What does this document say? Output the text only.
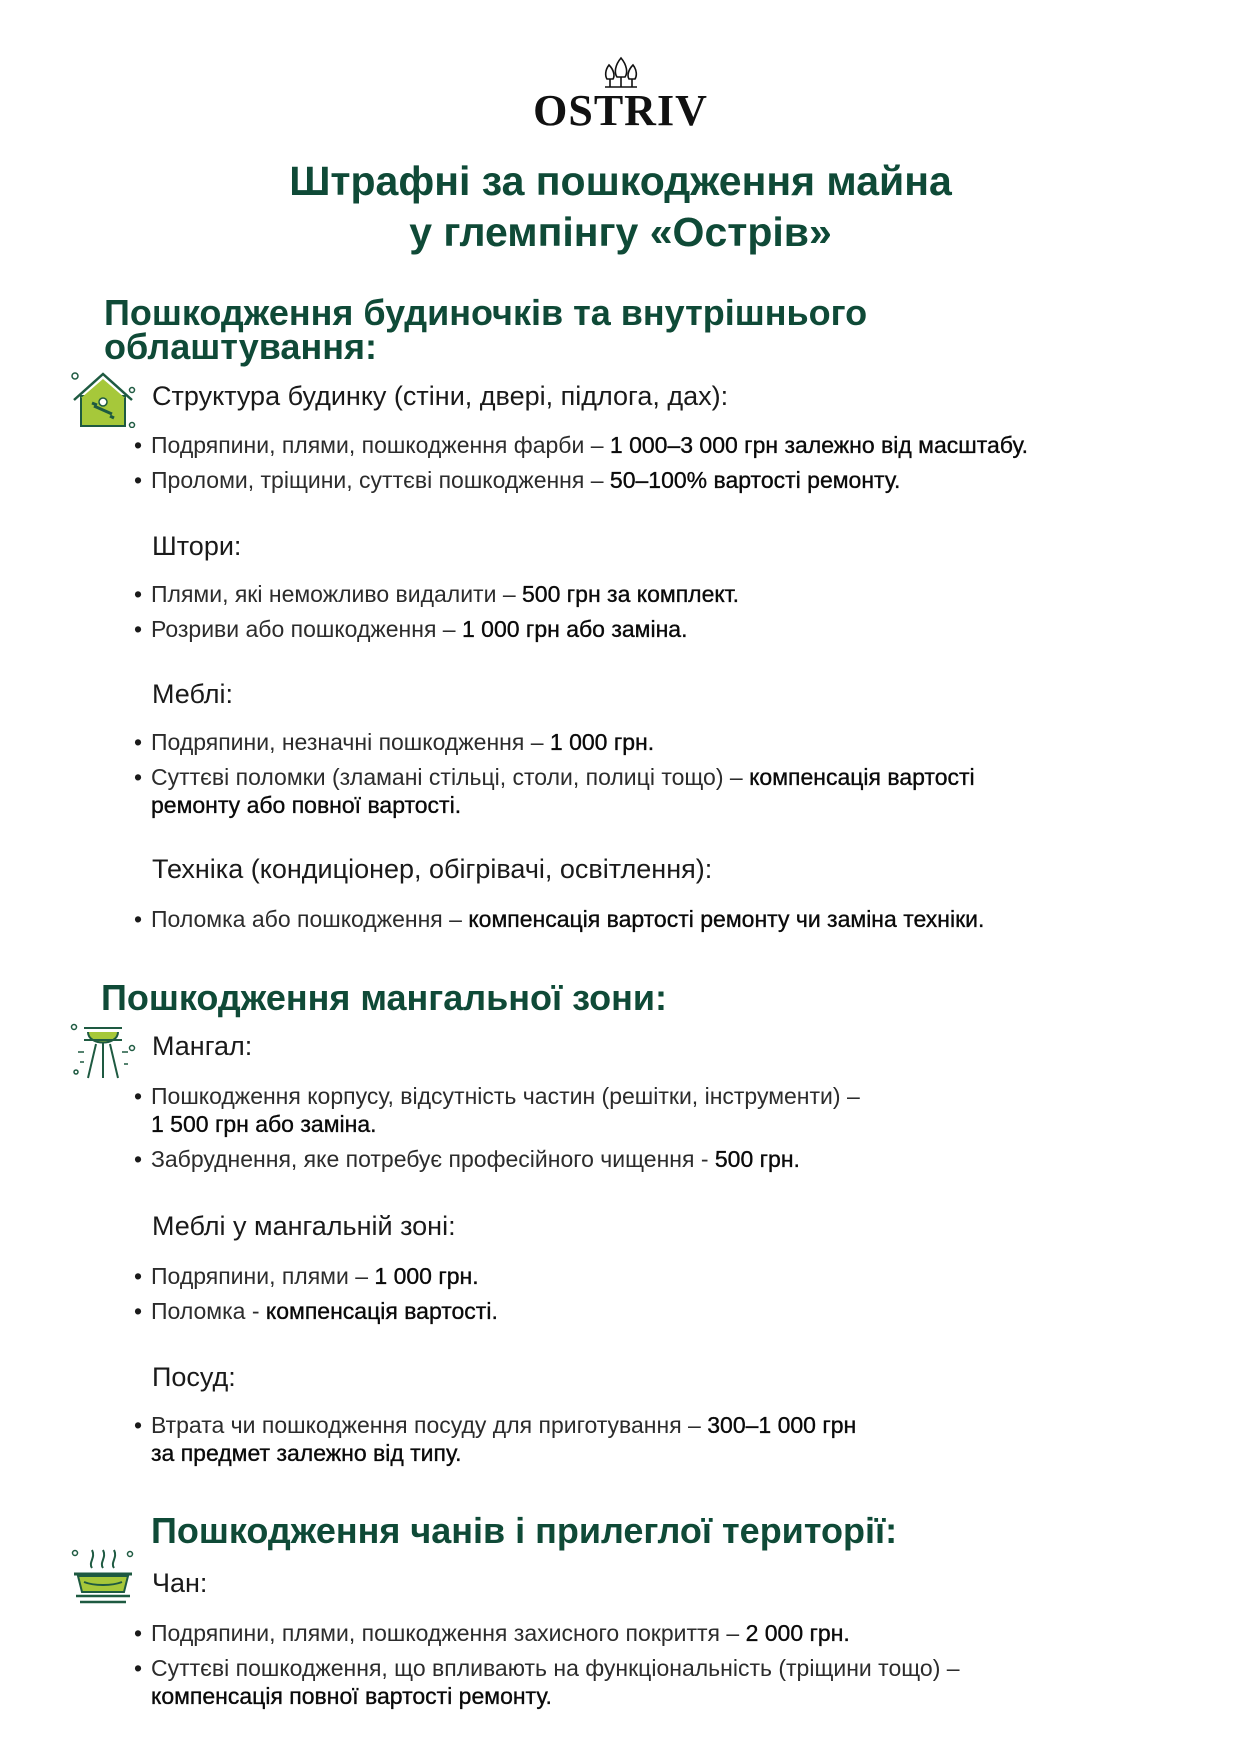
OSTRIV
Штрафні за пошкодження майна
у глемпінгу «Острів»
Пошкодження будиночків та внутрішнього
облаштування:
Структура будинку (стіни, двері, підлога, дах):
• Подряпини, плями, пошкодження фарби – 1 000–3 000 грн залежно від масштабу.
• Проломи, тріщини, суттєві пошкодження – 50–100% вартості ремонту.
Штори:
• Плями, які неможливо видалити – 500 грн за комплект.
• Розриви або пошкодження – 1 000 грн або заміна.
Меблі:
• Подряпини, незначні пошкодження – 1 000 грн.
• Суттєві поломки (зламані стільці, столи, полиці тощо) – компенсація вартості
ремонту або повної вартості.
Техніка (кондиціонер, обігрівачі, освітлення):
• Поломка або пошкодження – компенсація вартості ремонту чи заміна техніки.
Пошкодження мангальної зони:
Мангал:
• Пошкодження корпусу, відсутність частин (решітки, інструменти) –
1 500 грн або заміна.
• Забруднення, яке потребує професійного чищення - 500 грн.
Меблі у мангальній зоні:
• Подряпини, плями – 1 000 грн.
• Поломка - компенсація вартості.
Посуд:
• Втрата чи пошкодження посуду для приготування – 300–1 000 грн
за предмет залежно від типу.
Пошкодження чанів і прилеглої території:
Чан:
• Подряпини, плями, пошкодження захисного покриття – 2 000 грн.
• Суттєві пошкодження, що впливають на функціональність (тріщини тощо) –
компенсація повної вартості ремонту.
